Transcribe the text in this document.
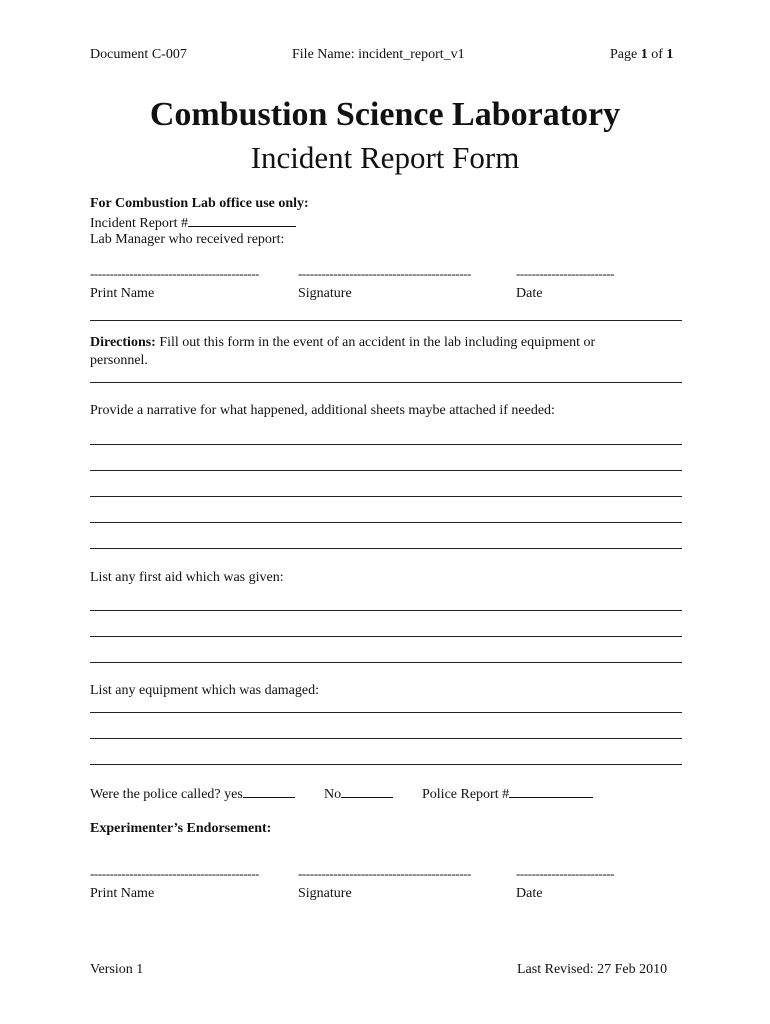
Document C-007	File Name: incident_report_v1	Page 1 of 1
Combustion Science Laboratory
Incident Report Form
For Combustion Lab office use only:
Incident Report #
Lab Manager who received report:
-------------------------------------------	--------------------------------------------	-------------------------
Print Name	Signature	Date
Directions: Fill out this form in the event of an accident in the lab including equipment or
personnel.
Provide a narrative for what happened, additional sheets maybe attached if needed:
List any first aid which was given:
List any equipment which was damaged:
Were the police called? yes	No	Police Report #
Experimenter’s Endorsement:
-------------------------------------------	--------------------------------------------	-------------------------
Print Name	Signature	Date
Version 1	Last Revised: 27 Feb 2010
